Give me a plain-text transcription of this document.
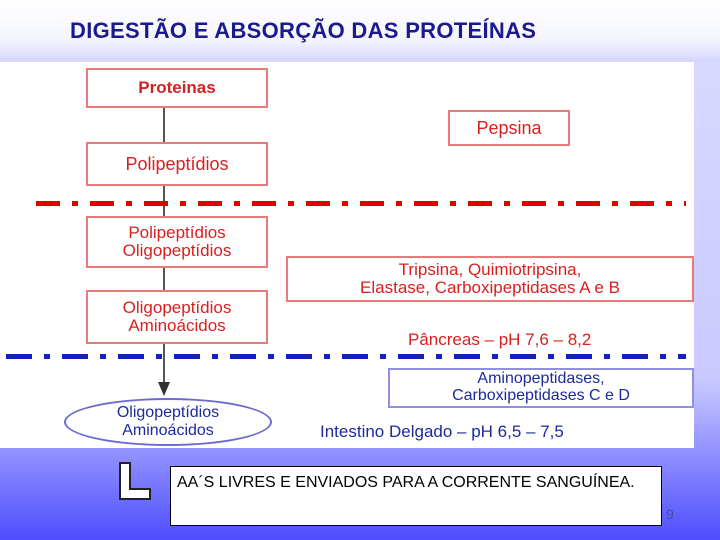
DIGESTÃO E ABSORÇÃO DAS PROTEÍNAS
Proteinas
Polipeptídios
Pepsina
Polipeptídios
Oligopeptídios
Tripsina, Quimiotripsina,
Elastase, Carboxipeptidases A e B
Oligopeptídios
Aminoácidos
Pâncreas – pH 7,6 – 8,2
Aminopeptidases,
Carboxipeptidases C e D
Oligopeptídios
Aminoácidos	Intestino Delgado – pH 6,5 – 7,5
AA´S LIVRES E ENVIADOS PARA A CORRENTE SANGUÍNEA.
9
